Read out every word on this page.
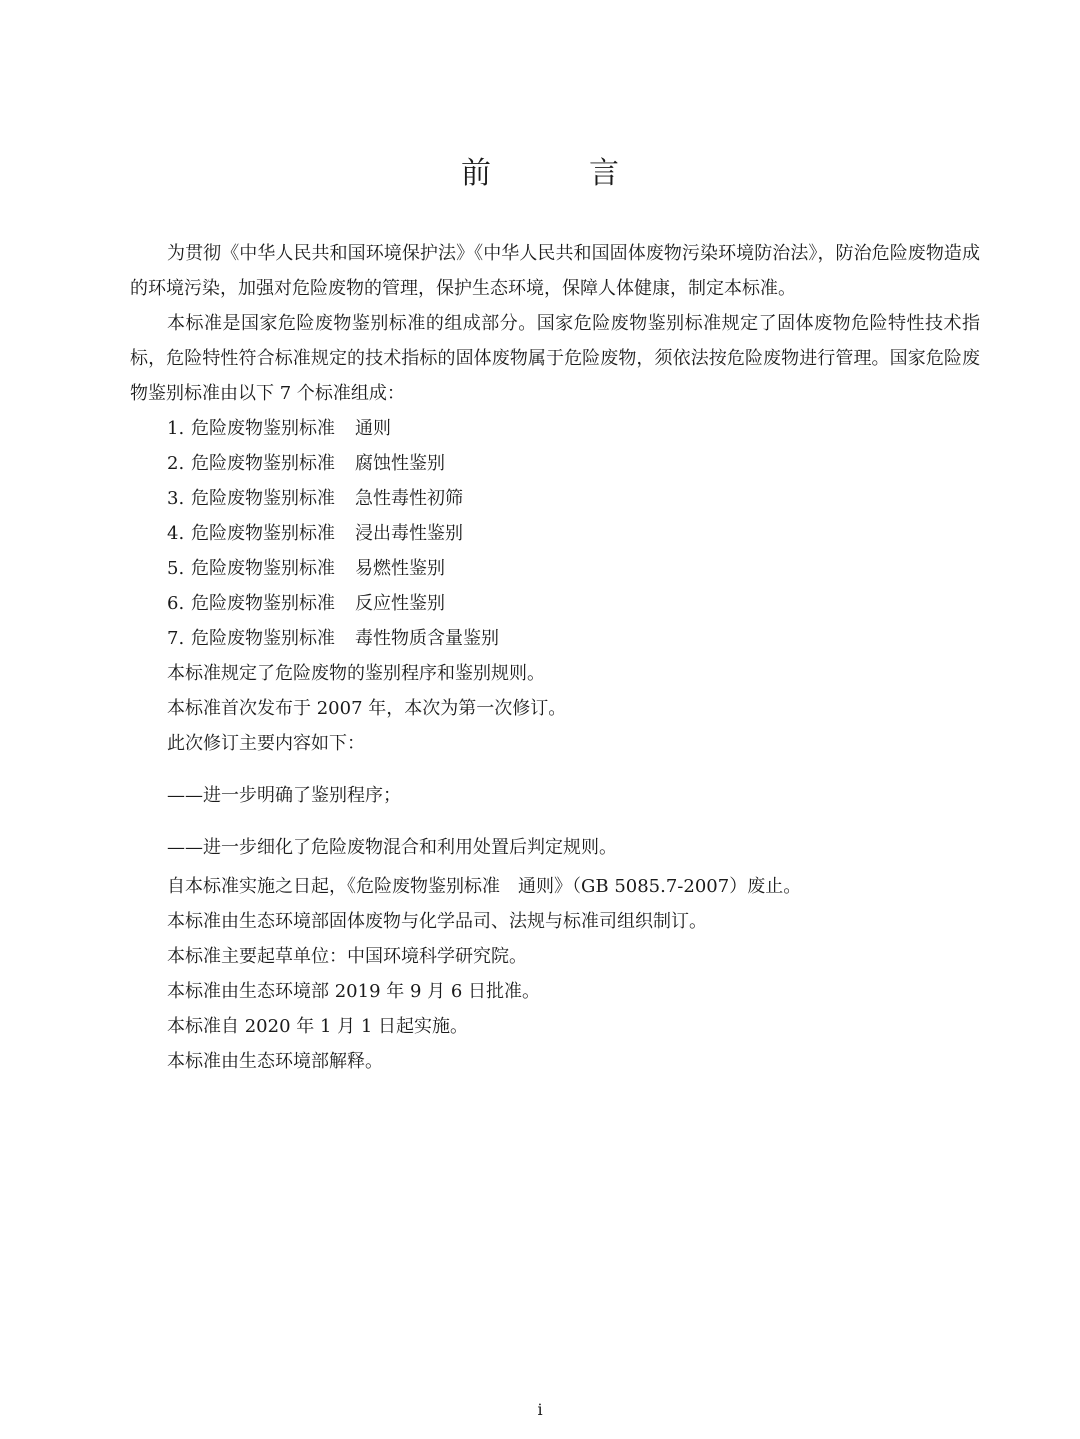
前　言

为贯彻《中华人民共和国环境保护法》《中华人民共和国固体废物污染环境防治法》，防治危险废物造成的环境污染，加强对危险废物的管理，保护生态环境，保障人体健康，制定本标准。

本标准是国家危险废物鉴别标准的组成部分。国家危险废物鉴别标准规定了固体废物危险特性技术指标，危险特性符合标准规定的技术指标的固体废物属于危险废物，须依法按危险废物进行管理。国家危险废物鉴别标准由以下 7 个标准组成：

1. 危险废物鉴别标准 通则

2. 危险废物鉴别标准 腐蚀性鉴别

3. 危险废物鉴别标准 急性毒性初筛

4. 危险废物鉴别标准 浸出毒性鉴别

5. 危险废物鉴别标准 易燃性鉴别

6. 危险废物鉴别标准 反应性鉴别

7. 危险废物鉴别标准 毒性物质含量鉴别

本标准规定了危险废物的鉴别程序和鉴别规则。

本标准首次发布于 2007 年，本次为第一次修订。

此次修订主要内容如下：

——进一步明确了鉴别程序；

——进一步细化了危险废物混合和利用处置后判定规则。

自本标准实施之日起，《危险废物鉴别标准　通则》（GB 5085.7-2007）废止。

本标准由生态环境部固体废物与化学品司、法规与标准司组织制订。

本标准主要起草单位：中国环境科学研究院。

本标准由生态环境部 2019 年 9 月 6 日批准。

本标准自 2020 年 1 月 1 日起实施。

本标准由生态环境部解释。

i
